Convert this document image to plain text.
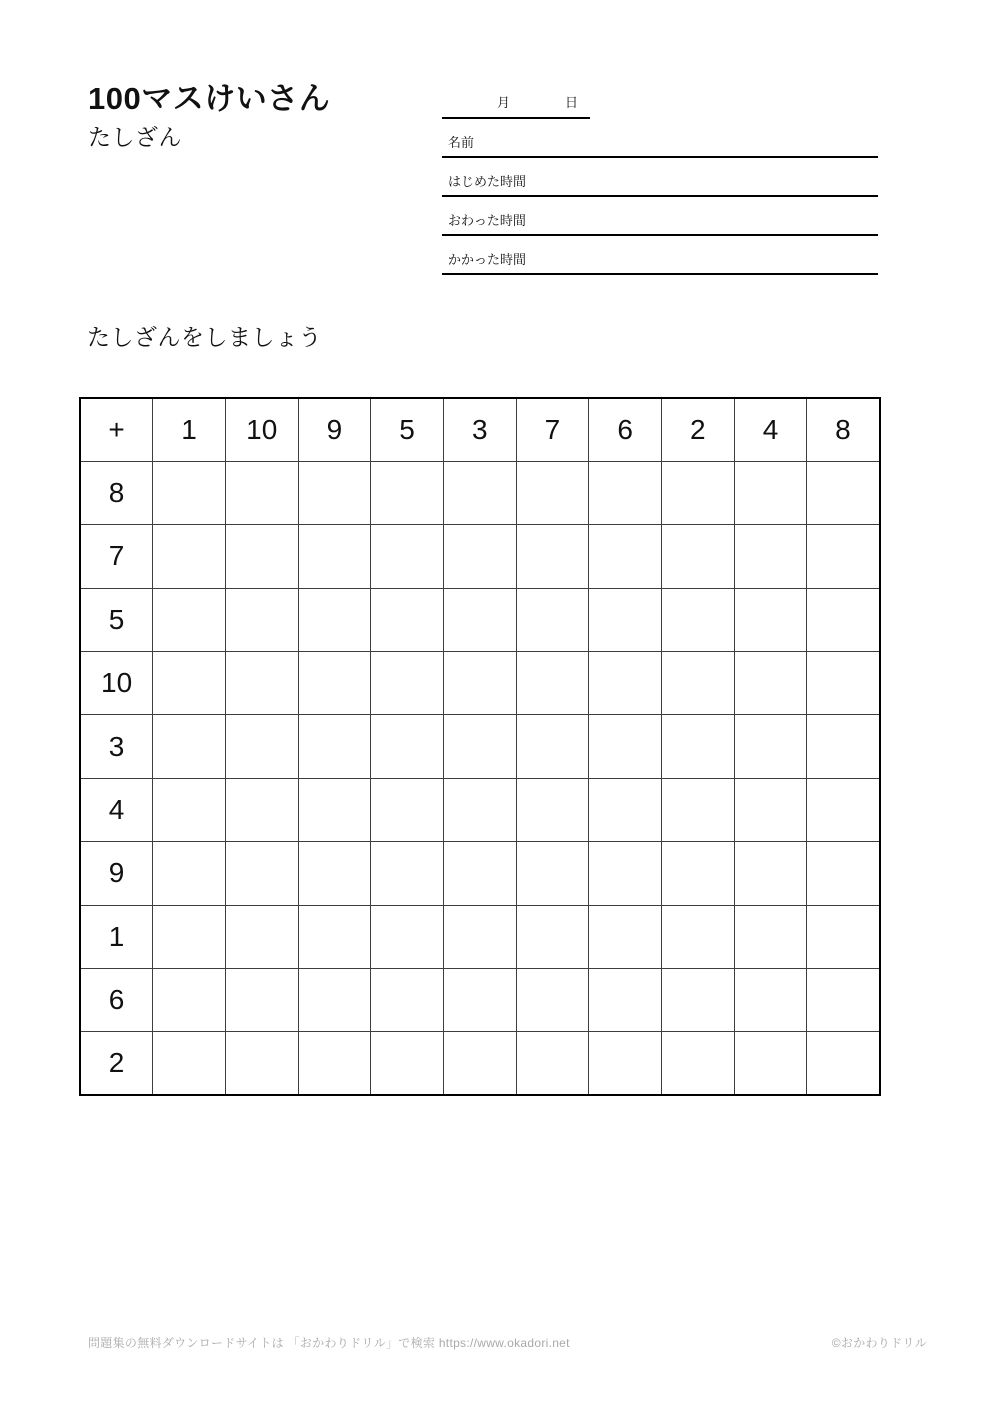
100マスけいさん
たしざん
月	日
名前
はじめた時間
おわった時間
かかった時間
たしざんをしましょう
+	1	10	9	5	3	7	6	2	4	8
8										
7										
5										
10										
3										
4										
9										
1										
6										
2										
問題集の無料ダウンロードサイトは 「おかわりドリル」で検索 https://www.okadori.net	©おかわりドリル
